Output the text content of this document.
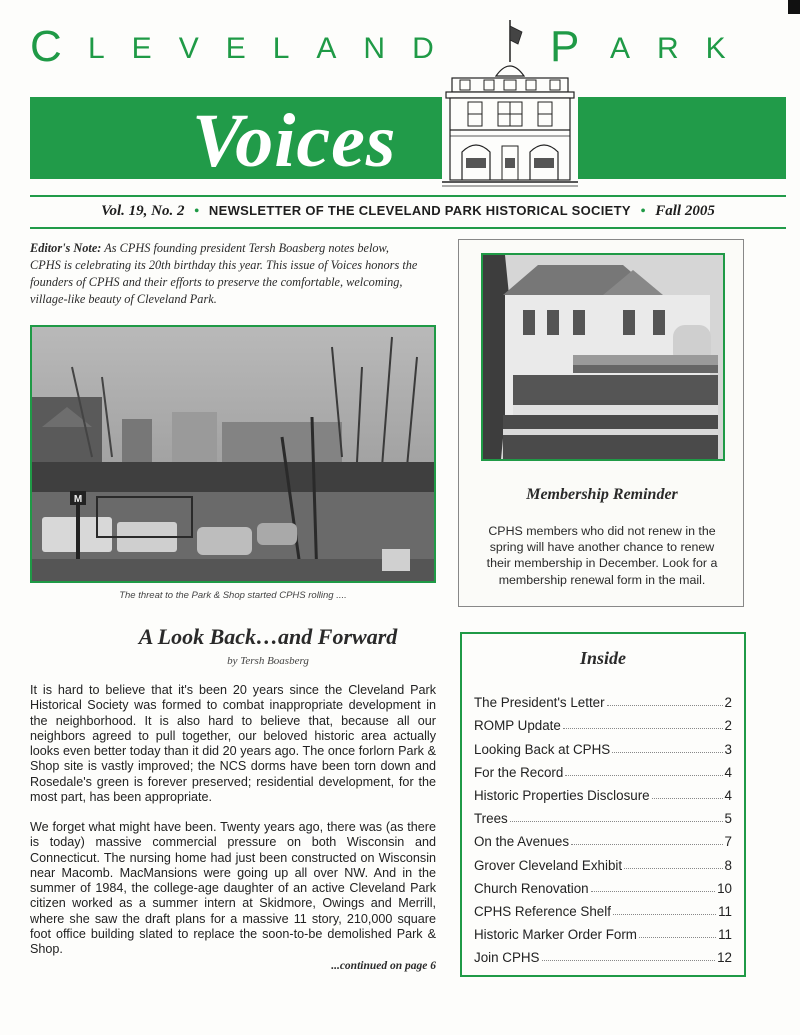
C LEVELAND P ARK
Voices
Vol. 19, No. 2 • NEWSLETTER OF THE CLEVELAND PARK HISTORICAL SOCIETY • Fall 2005
Editor's Note: As CPHS founding president Tersh Boasberg notes below, CPHS is celebrating its 20th birthday this year. This issue of Voices honors the founders of CPHS and their efforts to preserve the comfortable, welcoming, village-like beauty of Cleveland Park.
M
The threat to the Park & Shop started CPHS rolling ....
Membership Reminder
CPHS members who did not renew in the spring will have another chance to renew their membership in December. Look for a membership renewal form in the mail.
A Look Back…and Forward
by Tersh Boasberg
It is hard to believe that it's been 20 years since the Cleveland Park Historical Society was formed to combat inappropriate development in the neighborhood. It is also hard to believe that, because all our neighbors agreed to pull together, our beloved historic area actually looks even better today than it did 20 years ago. The once forlorn Park & Shop site is vastly improved; the NCS dorms have been torn down and Rosedale's green is forever preserved; residential development, for the most part, has been appropriate.
We forget what might have been. Twenty years ago, there was (as there is today) massive commercial pressure on both Wisconsin and Connecticut. The nursing home had just been constructed on Wisconsin near Macomb. MacMansions were going up all over NW. And in the summer of 1984, the college-age daughter of an active Cleveland Park citizen worked as a summer intern at Skidmore, Owings and Merrill, where she saw the draft plans for a massive 11 story, 210,000 square foot office building slated to replace the soon-to-be demolished Park & Shop.
...continued on page 6
Inside
The President's Letter	2
ROMP Update	2
Looking Back at CPHS	3
For the Record	4
Historic Properties Disclosure	4
Trees	5
On the Avenues	7
Grover Cleveland Exhibit	8
Church Renovation	10
CPHS Reference Shelf	11
Historic Marker Order Form	11
Join CPHS	12
